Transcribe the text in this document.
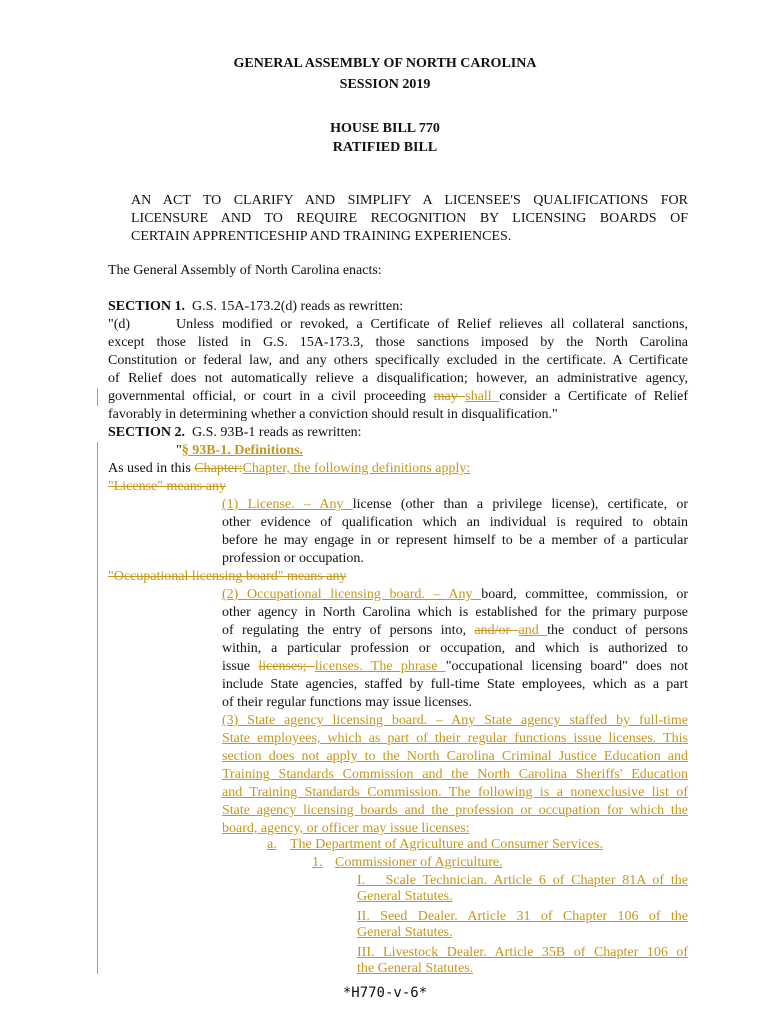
GENERAL ASSEMBLY OF NORTH CAROLINA
SESSION 2019
HOUSE BILL 770
RATIFIED BILL
AN ACT TO CLARIFY AND SIMPLIFY A LICENSEE'S QUALIFICATIONS FOR
LICENSURE AND TO REQUIRE RECOGNITION BY LICENSING BOARDS OF
CERTAIN APPRENTICESHIP AND TRAINING EXPERIENCES.
The General Assembly of North Carolina enacts:
SECTION 1. G.S. 15A-173.2(d) reads as rewritten:
"(d)	Unless modified or revoked, a Certificate of Relief relieves all collateral sanctions,
except those listed in G.S. 15A-173.3, those sanctions imposed by the North Carolina
Constitution or federal law, and any others specifically excluded in the certificate. A Certificate
of Relief does not automatically relieve a disqualification; however, an administrative agency,
governmental official, or court in a civil proceeding may shall consider a Certificate of Relief
favorably in determining whether a conviction should result in disqualification."
SECTION 2. G.S. 93B-1 reads as rewritten:
"§ 93B-1. Definitions.
As used in this Chapter:Chapter, the following definitions apply:
"License" means any
(1) License. – Any license (other than a privilege license), certificate, or
other evidence of qualification which an individual is required to obtain
before he may engage in or represent himself to be a member of a particular
profession or occupation.
"Occupational licensing board" means any
(2) Occupational licensing board. – Any board, committee, commission, or
other agency in North Carolina which is established for the primary purpose
of regulating the entry of persons into, and/or and the conduct of persons
within, a particular profession or occupation, and which is authorized to
issue licenses; licenses. The phrase "occupational licensing board" does not
include State agencies, staffed by full-time State employees, which as a part
of their regular functions may issue licenses.
(3) State agency licensing board. – Any State agency staffed by full-time
State employees, which as part of their regular functions issue licenses. This
section does not apply to the North Carolina Criminal Justice Education and
Training Standards Commission and the North Carolina Sheriffs' Education
and Training Standards Commission. The following is a nonexclusive list of
State agency licensing boards and the profession or occupation for which the
board, agency, or officer may issue licenses:
a. The Department of Agriculture and Consumer Services.
1. Commissioner of Agriculture.
I. Scale Technician. Article 6 of Chapter 81A of the
General Statutes.
II. Seed Dealer. Article 31 of Chapter 106 of the
General Statutes.
III. Livestock Dealer. Article 35B of Chapter 106 of
the General Statutes.
*H770-v-6*
